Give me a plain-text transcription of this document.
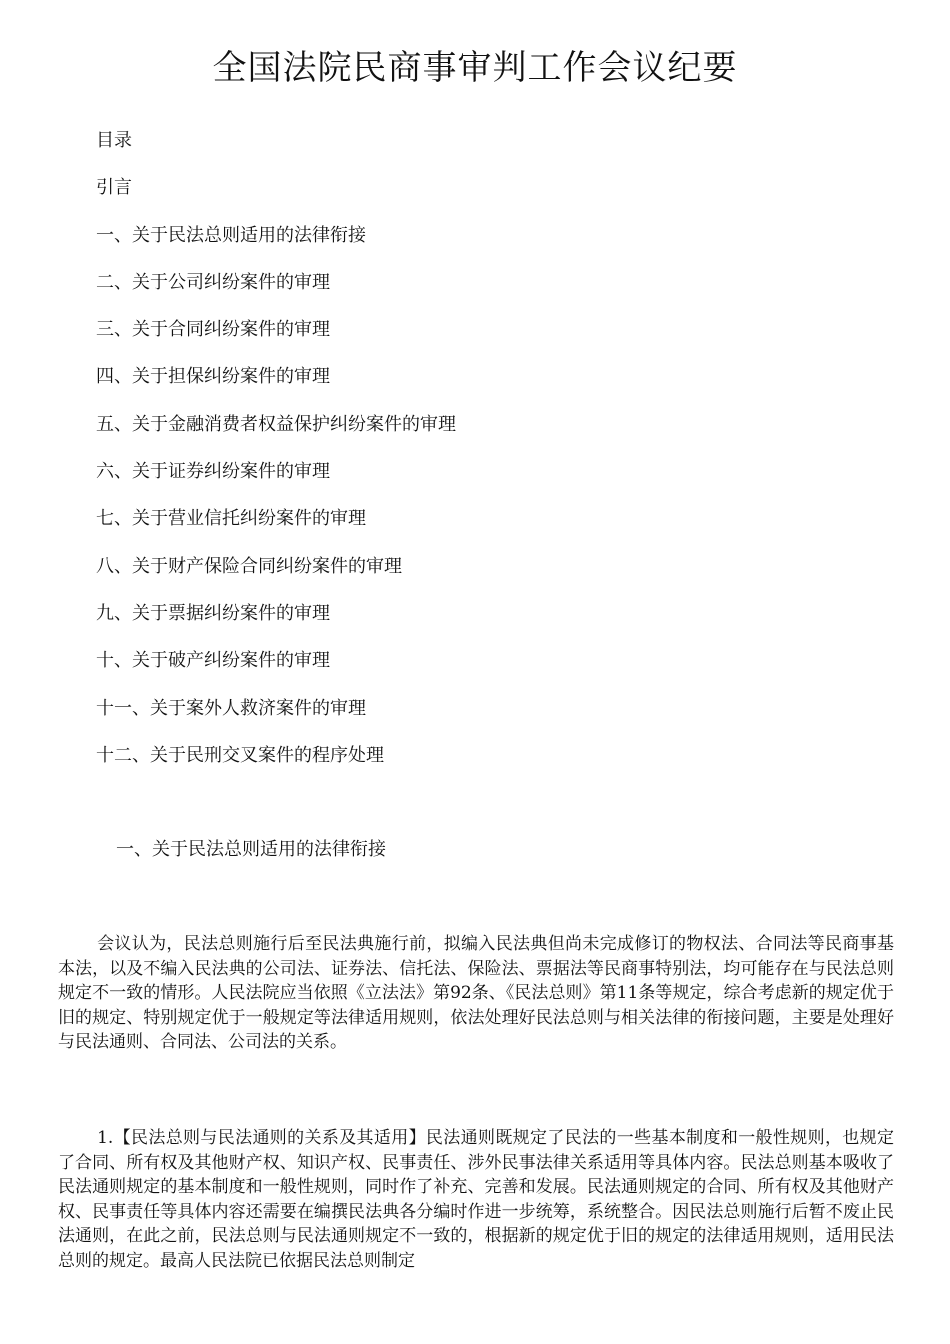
全国法院民商事审判工作会议纪要
目录
引言
一、关于民法总则适用的法律衔接
二、关于公司纠纷案件的审理
三、关于合同纠纷案件的审理
四、关于担保纠纷案件的审理
五、关于金融消费者权益保护纠纷案件的审理
六、关于证券纠纷案件的审理
七、关于营业信托纠纷案件的审理
八、关于财产保险合同纠纷案件的审理
九、关于票据纠纷案件的审理
十、关于破产纠纷案件的审理
十一、关于案外人救济案件的审理
十二、关于民刑交叉案件的程序处理
一、关于民法总则适用的法律衔接

会议认为，民法总则施行后至民法典施行前，拟编入民法典但尚未完成修订的物权法、合同法等民商事基本法，以及不编入民法典的公司法、证券法、信托法、保险法、票据法等民商事特别法，均可能存在与民法总则规定不一致的情形。人民法院应当依照《立法法》第92条、《民法总则》第11条等规定，综合考虑新的规定优于旧的规定、特别规定优于一般规定等法律适用规则，依法处理好民法总则与相关法律的衔接问题，主要是处理好与民法通则、合同法、公司法的关系。

1.【民法总则与民法通则的关系及其适用】民法通则既规定了民法的一些基本制度和一般性规则，也规定了合同、所有权及其他财产权、知识产权、民事责任、涉外民事法律关系适用等具体内容。民法总则基本吸收了民法通则规定的基本制度和一般性规则，同时作了补充、完善和发展。民法通则规定的合同、所有权及其他财产权、民事责任等具体内容还需要在编撰民法典各分编时作进一步统筹，系统整合。因民法总则施行后暂不废止民法通则，在此之前，民法总则与民法通则规定不一致的，根据新的规定优于旧的规定的法律适用规则，适用民法总则的规定。最高人民法院已依据民法总则制定
